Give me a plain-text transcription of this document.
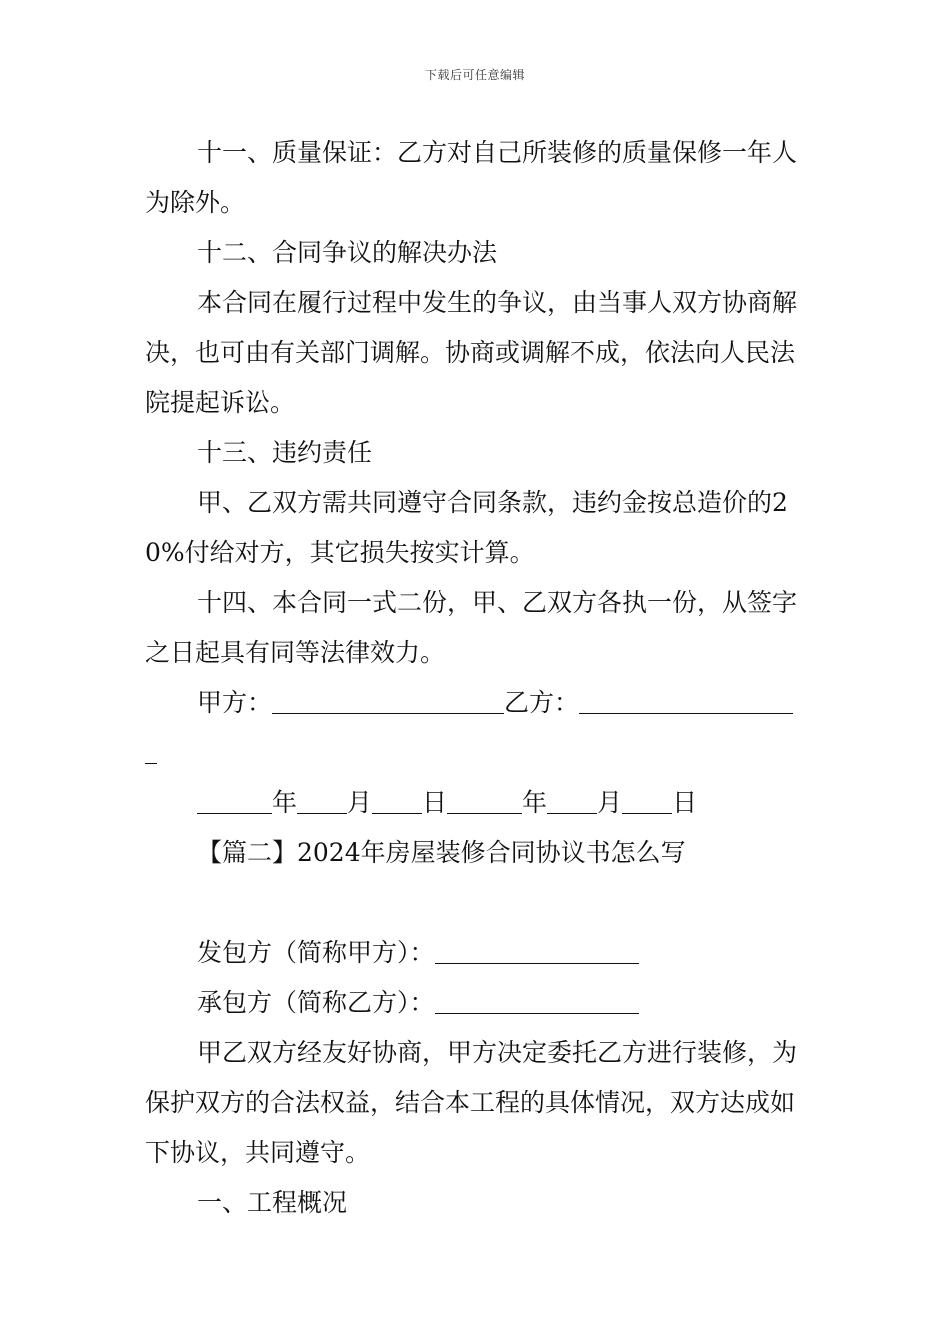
下载后可任意编辑

十一、质量保证：乙方对自己所装修的质量保修一年人为除外。

十二、合同争议的解决办法

本合同在履行过程中发生的争议，由当事人双方协商解决，也可由有关部门调解。协商或调解不成，依法向人民法院提起诉讼。

十三、违约责任

甲、乙双方需共同遵守合同条款，违约金按总造价的20%付给对方，其它损失按实计算。

十四、本合同一式二份，甲、乙双方各执一份，从签字之日起具有同等法律效力。

甲方：	乙方：
年 月 日	年 月 日
【篇二】2024年房屋装修合同协议书怎么写
发包方（简称甲方）：
承包方（简称乙方）：

甲乙双方经友好协商，甲方决定委托乙方进行装修，为保护双方的合法权益，结合本工程的具体情况，双方达成如下协议，共同遵守。

一、工程概况
